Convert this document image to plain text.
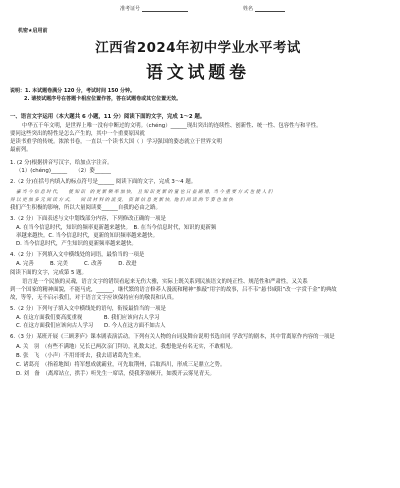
准考证号	姓名
机密★启用前
江西省2024年初中学业水平考试
语文试题卷
说明：1. 本试题卷满分 120 分，考试时间 150 分钟。
2. 请按试题序号在答题卡相应位置作答，答在试题卷或其它位置无效。
一、语言文字运用（本大题共 6 小题，11 分）阅读下面的文字，完成 1～2 题。
中华五千年文明，是世界上唯一没有中断过的文明。（chéng）______现出突出的连续性、创新性、统一性、包容性与和平性。
要问这些突出的特性是怎么产生的，其中一个重要原因就
是读书重学的传统。浓浓书卷，一直以一个读书大国（ ）学习强国的姿态就立于世界文明
最前列。
1. (2 分)根据拼音写汉字，给加点字注音。
（1）(chéng)______　　（2）姿______
2.（2 分)在括号内填入的标点符号是______ 阅读下面的文字，完成 3～4 题。
嘉 当 今 信 息 时 代，　　使 知 识　的 更 新 频 率 加 快，　且 知 识 更 新 的 量 也 日 益 剧 增，当 今 重 要 方 式 也 使 人 们
得 以 更 加 多 元 阅 读 方 式，　　阅 读 材 料 的 流 变，　资 源 信 息 更 新 快，他 们 阅 读 的 节 奏 也 加 快
我们产生积极的影响，所以大量阅读要______自我的必由之路。
3.（2 分）下面表述与文中划线部分内容，下列修改正确的一项是
A. 在当今信息时代，知识的频率更新越来越快。　B. 在当今信息时代，知识的更新频
率越来越快。C. 当今信息时代，更新的知识频率越来越快。
D. 当今信息时代，产生知识的更新频率越来越快。
4.（2 分）下列填入文中横线处的词语，最恰当的一项是
A. 完善　　　B. 完美　　　C. 改善　　　D. 改进
阅读下面的文字，完成第 5 题。
语言是一个民族的灵魂，语言文字的错误看起来无伤大雅，实际上既关系到民族语文的纯正性、规范性和严肃性，又关系
到一个国家的精神面貌，不能马虎，______，继代繁的语言修养人漫流和精神“推敲”用字的故事，吕不韦“悬书咸阳”改一字赏千金”的典故
故，等等，无不启示我们，对于语言文字应该保持应有的敬畏和认真。
5.（2 分）下列句子填入文中横线处的语句，衔接最恰当的一项是
A. 在这方面我们要高度重视　　　　B. 我们应该向古人学习
C. 在这方面我们应该向古人学习　　D. 今人在这方面不如古人
6.（3 分）某班开展《三顾茅庐》课本剧表演活动。下列有关人物的台词及舞台说明书选自同 学改写的剧本，其中背离原作内容的一项是
A. 关　羽　（有些不满地）兄长已两次亲门拜访，礼数太过，我想他是有名无实，不敢相见。
B. 张　飞　（小声）不用哥哥去，我去请诸葛先生来。
C. 诸葛亮　（指着地图）将军想成就霸业，可先取荆州，后取西川，形成三足鼎立之势。
D. 刘　备　（离席站立，拱手）听先生一席话，使我茅塞顿开，如拨开云雾见青天。
